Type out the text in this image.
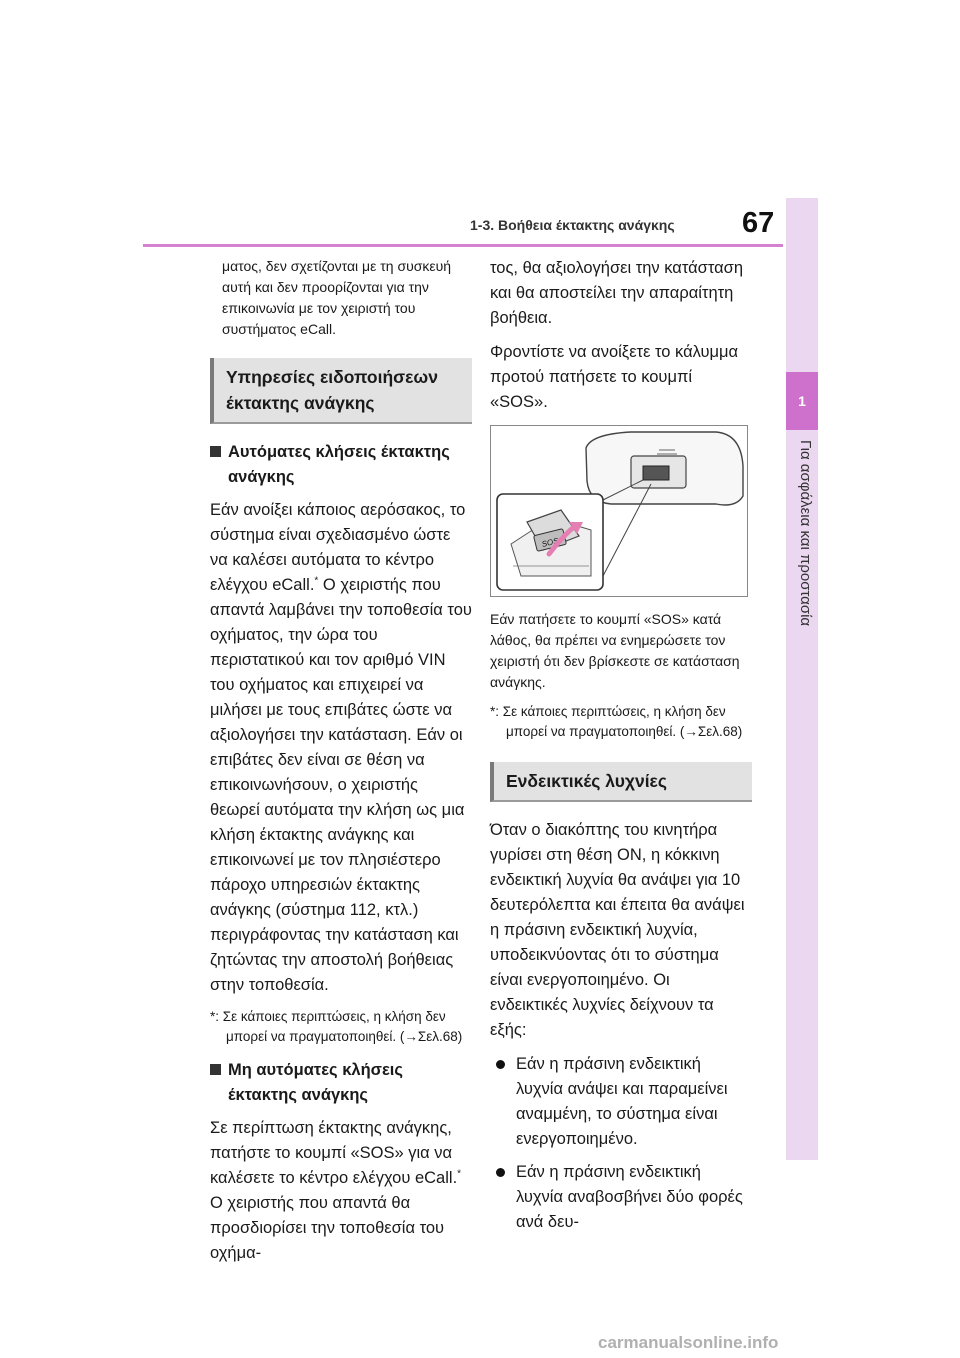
1-3. Βοήθεια έκτακτης ανάγκης 67
1
Για ασφάλεια και προστασία

ματος, δεν σχετίζονται με τη συσκευή αυτή και δεν προορίζονται για την επικοινωνία με τον χειριστή του συστήματος eCall.

Υπηρεσίες ειδοποιήσεων έκτακτης ανάγκης
Αυτόματες κλήσεις έκτακτης ανάγκης

Εάν ανοίξει κάποιος αερόσακος, το σύστημα είναι σχεδιασμένο ώστε να καλέσει αυτόματα το κέντρο ελέγχου eCall.* Ο χειριστής που απαντά λαμβάνει την τοποθεσία του οχήματος, την ώρα του περιστατικού και τον αριθμό VIN του οχήματος και επιχειρεί να μιλήσει με τους επιβάτες ώστε να αξιολογήσει την κατάσταση. Εάν οι επιβάτες δεν είναι σε θέση να επικοινωνήσουν, ο χειριστής θεωρεί αυτόματα την κλήση ως μια κλήση έκτακτης ανάγκης και επικοινωνεί με τον πλησιέστερο πάροχο υπηρεσιών έκτακτης ανάγκης (σύστημα 112, κτλ.) περιγράφοντας την κατάσταση και ζητώντας την αποστολή βοήθειας στην τοποθεσία.

*: Σε κάποιες περιπτώσεις, η κλήση δεν μπορεί να πραγματοποιηθεί. (→Σελ.68)

Μη αυτόματες κλήσεις έκτακτης ανάγκης

Σε περίπτωση έκτακτης ανάγκης, πατήστε το κουμπί «SOS» για να καλέσετε το κέντρο ελέγχου eCall.* Ο χειριστής που απαντά θα προσδιορίσει την τοποθεσία του οχήμα-

τος, θα αξιολογήσει την κατάσταση και θα αποστείλει την απαραίτητη βοήθεια.

Φροντίστε να ανοίξετε το κάλυμμα προτού πατήσετε το κουμπί «SOS».

SOS

Εάν πατήσετε το κουμπί «SOS» κατά λάθος, θα πρέπει να ενημερώσετε τον χειριστή ότι δεν βρίσκεστε σε κατάσταση ανάγκης.

*: Σε κάποιες περιπτώσεις, η κλήση δεν μπορεί να πραγματοποιηθεί. (→Σελ.68)

Ενδεικτικές λυχνίες

Όταν ο διακόπτης του κινητήρα γυρίσει στη θέση ON, η κόκκινη ενδεικτική λυχνία θα ανάψει για 10 δευτερόλεπτα και έπειτα θα ανάψει η πράσινη ενδεικτική λυχνία, υποδεικνύοντας ότι το σύστημα είναι ενεργοποιημένο. Οι ενδεικτικές λυχνίες δείχνουν τα εξής:

Εάν η πράσινη ενδεικτική λυχνία ανάψει και παραμείνει αναμμένη, το σύστημα είναι ενεργοποιημένο.
Εάν η πράσινη ενδεικτική λυχνία αναβοσβήνει δύο φορές ανά δευ-
carmanualsonline.info
